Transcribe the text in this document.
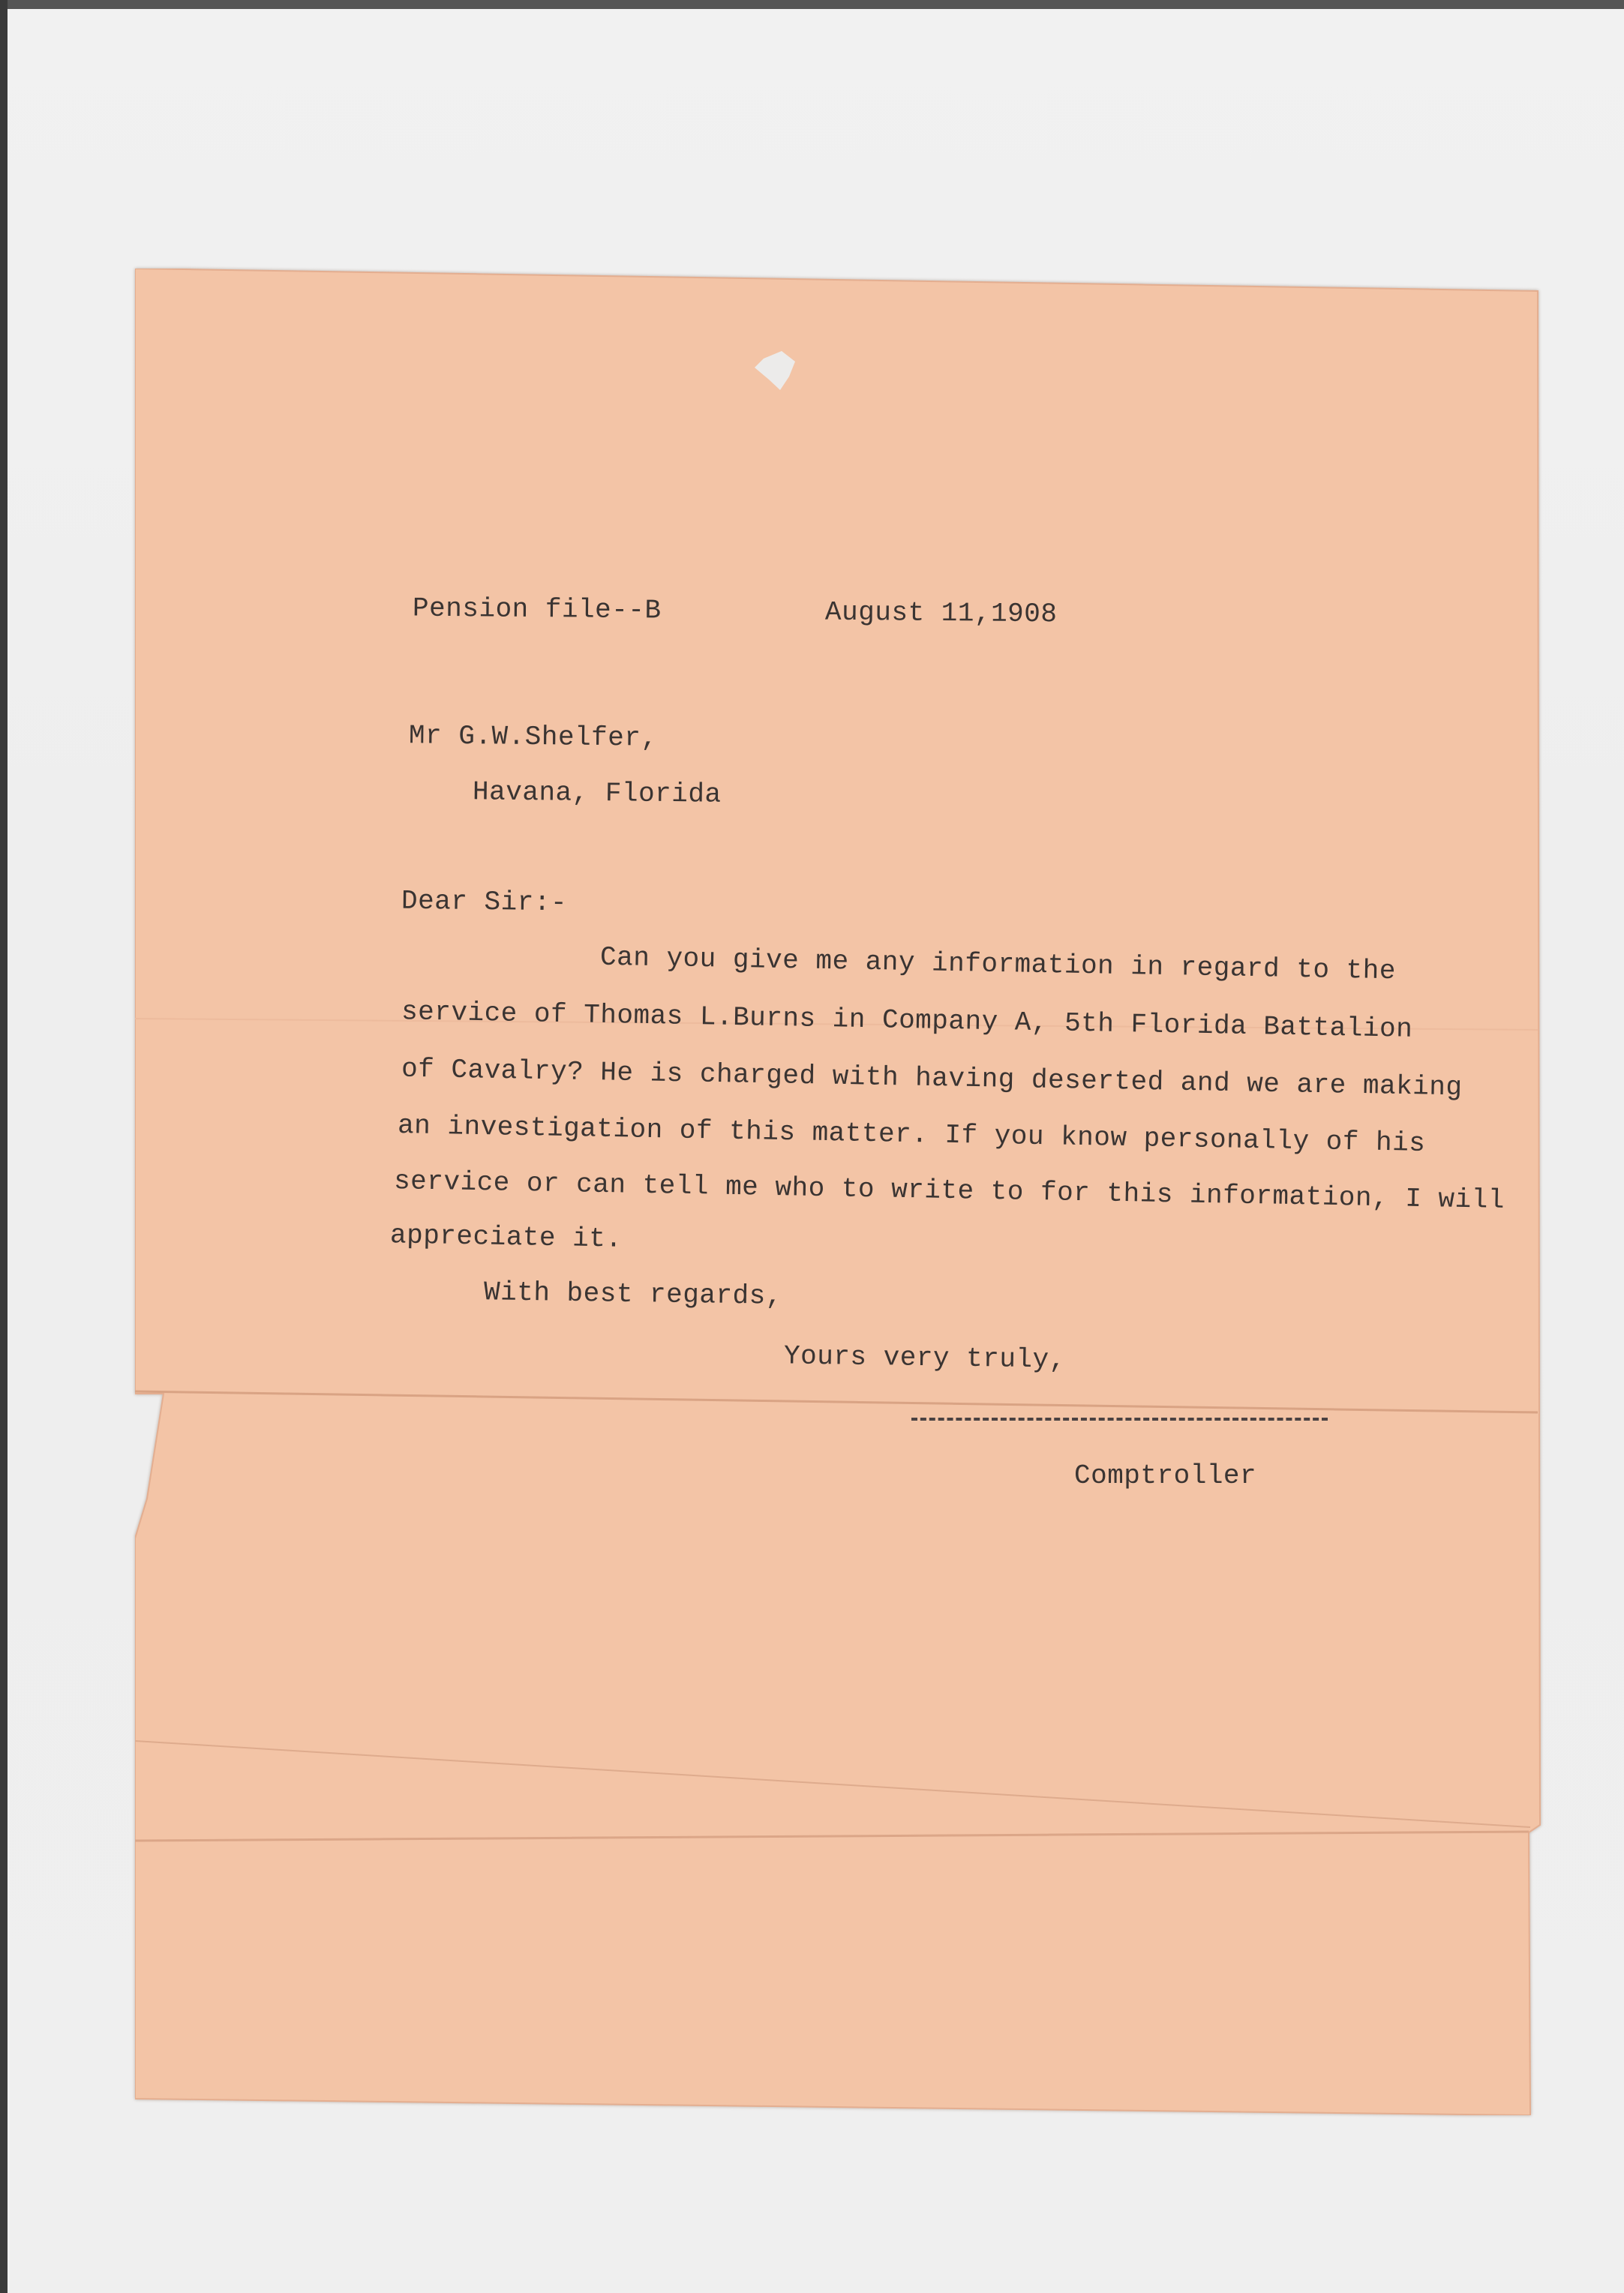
Pension file--B	August 11,1908
Mr G.W.Shelfer,
Havana, Florida
Dear Sir:-
Can you give me any information in regard to the
service of Thomas L.Burns in Company A, 5th Florida Battalion
of Cavalry? He is charged with having deserted and we are making
an investigation of this matter. If you know personally of his
service or can tell me who to write to for this information, I will
appreciate it.
With best regards,
Yours very truly,
Comptroller
